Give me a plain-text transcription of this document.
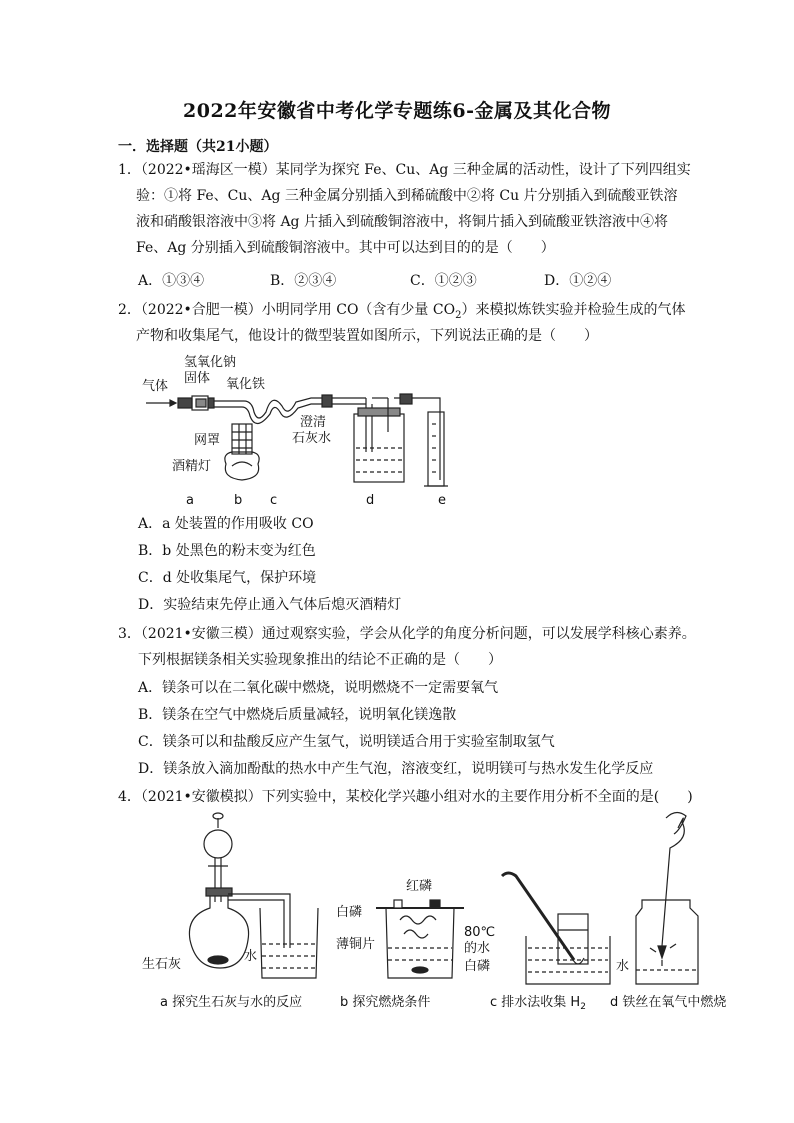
2022年安徽省中考化学专题练6-金属及其化合物
一．选择题（共21小题）
1．（2022•瑶海区一模）某同学为探究 Fe、Cu、Ag 三种金属的活动性，设计了下列四组实
验：①将 Fe、Cu、Ag 三种金属分别插入到稀硫酸中②将 Cu 片分别插入到硫酸亚铁溶
液和硝酸银溶液中③将 Ag 片插入到硫酸铜溶液中，将铜片插入到硫酸亚铁溶液中④将
Fe、Ag 分别插入到硫酸铜溶液中。其中可以达到目的的是（　　）
A．①③④	B．②③④	C．①②③	D．①②④
2．（2022•合肥一模）小明同学用 CO（含有少量 $CO_2$）来模拟炼铁实验并检验生成的气体
产物和收集尾气，他设计的微型装置如图所示，下列说法正确的是（　　）
氢氧化钠
固体
气体	氧化铁
澄清
石灰水
网罩
酒精灯
a	b c	d	e
A．a 处装置的作用吸收 CO
B．b 处黑色的粉末变为红色
C．d 处收集尾气，保护环境
D．实验结束先停止通入气体后熄灭酒精灯
3．（2021•安徽三模）通过观察实验，学会从化学的角度分析问题，可以发展学科核心素养。
下列根据镁条相关实验现象推出的结论不正确的是（　　）
A．镁条可以在二氧化碳中燃烧，说明燃烧不一定需要氧气
B．镁条在空气中燃烧后质量减轻，说明氧化镁逸散
C．镁条可以和盐酸反应产生氢气，说明镁适合用于实验室制取氢气
D．镁条放入滴加酚酞的热水中产生气泡，溶液变红，说明镁可与热水发生化学反应
4．（2021•安徽模拟）下列实验中，某校化学兴趣小组对水的主要作用分析不全面的是(　　)
生石灰
水
白磷
红磷
薄铜片
80℃
的水
白磷	水
a 探究生石灰与水的反应	b 探究燃烧条件	c 排水法收集 $H_2$ d 铁丝在氧气中燃烧
